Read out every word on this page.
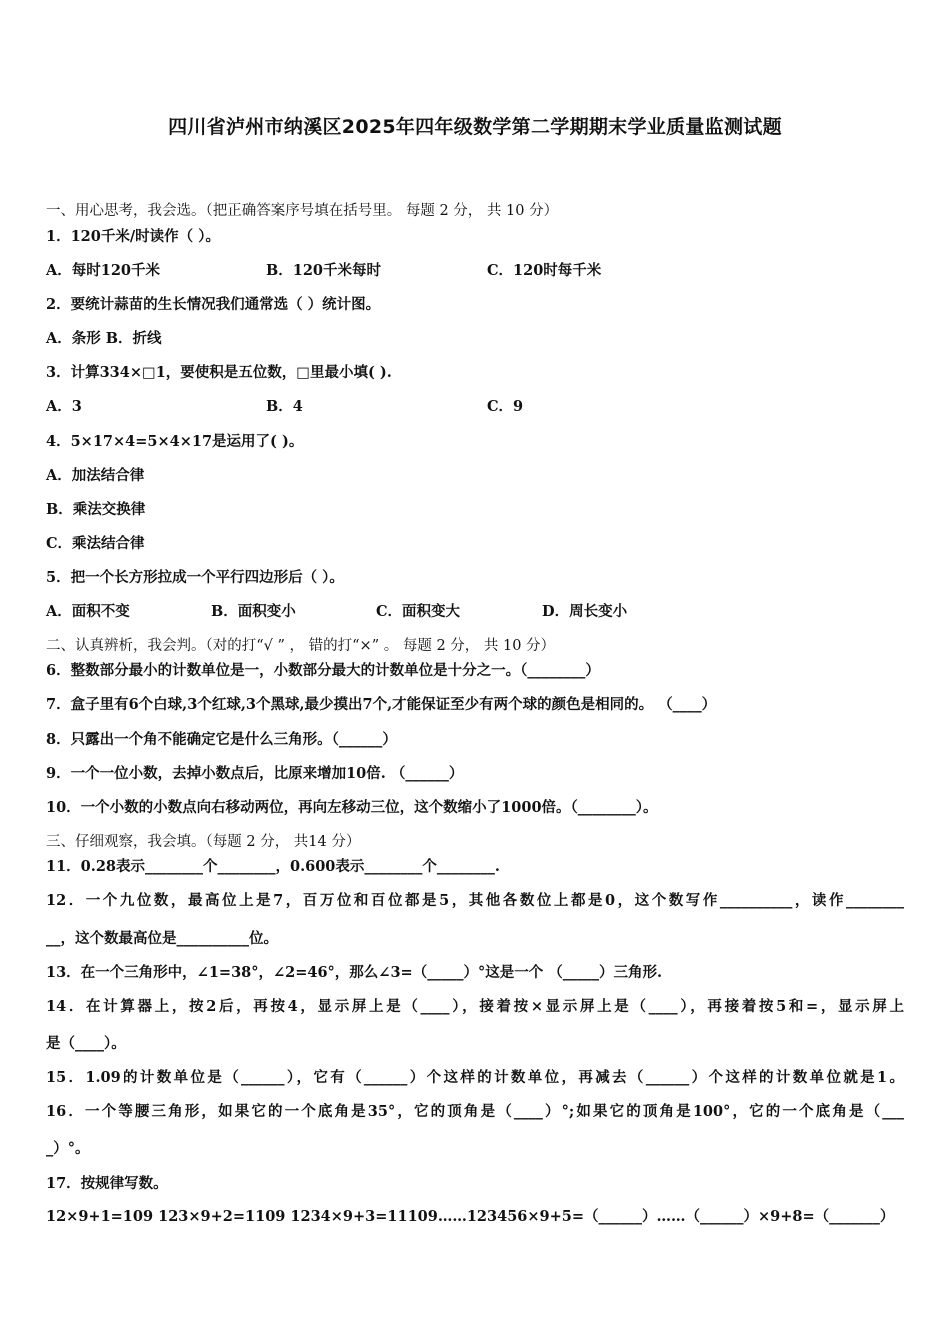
四川省泸州市纳溪区2025年四年级数学第二学期期末学业质量监测试题
一、用心思考，我会选。（把正确答案序号填在括号里。 每题 2 分， 共 10 分）
1．120千米/时读作（ ）。
A．每时120千米	B．120千米每时	C．120时每千米
2．要统计蒜苗的生长情况我们通常选（ ）统计图。
A．条形 B．折线
3．计算334×□1，要使积是五位数，□里最小填( ).
A．3	B．4	C．9
4．5×17×4=5×4×17是运用了( )。
A．加法结合律
B．乘法交换律
C．乘法结合律
5．把一个长方形拉成一个平行四边形后（ ）。
A．面积不变	B．面积变小	C．面积变大	D．周长变小
二、认真辨析，我会判。（对的打“√ ” ， 错的打“×” 。 每题 2 分， 共 10 分）
6．整数部分最小的计数单位是一，小数部分最大的计数单位是十分之一。（________）
7．盒子里有6个白球,3个红球,3个黑球,最少摸出7个,才能保证至少有两个球的颜色是相同的。 （____）
8．只露出一个角不能确定它是什么三角形。（______）
9．一个一位小数，去掉小数点后，比原来增加10倍. （______）
10．一个小数的小数点向右移动两位，再向左移动三位，这个数缩小了1000倍。（________）。
三、仔细观察，我会填。（每题 2 分， 共14 分）
11．0.28表示________个________，0.600表示________个________.
12．一个九位数，最高位上是7，百万位和百位都是5，其他各数位上都是0，这个数写作__________，读作________
__，这个数最高位是__________位。
13．在一个三角形中，∠1=38°，∠2=46°，那么∠3=（_____）°这是一个 （_____）三角形.
14．在计算器上，按2后，再按4，显示屏上是（____），接着按×显示屏上是（____），再接着按5和=，显示屏上
是（____）。
15．1.09的计数单位是（______），它有（______）个这样的计数单位，再减去（______）个这样的计数单位就是1。
16．一个等腰三角形，如果它的一个底角是35°，它的顶角是（____）°;如果它的顶角是100°，它的一个底角是（___
_）°。
17．按规律写数。
12×9+1=109 123×9+2=1109 1234×9+3=11109……123456×9+5=（______）……（______）×9+8=（_______）
